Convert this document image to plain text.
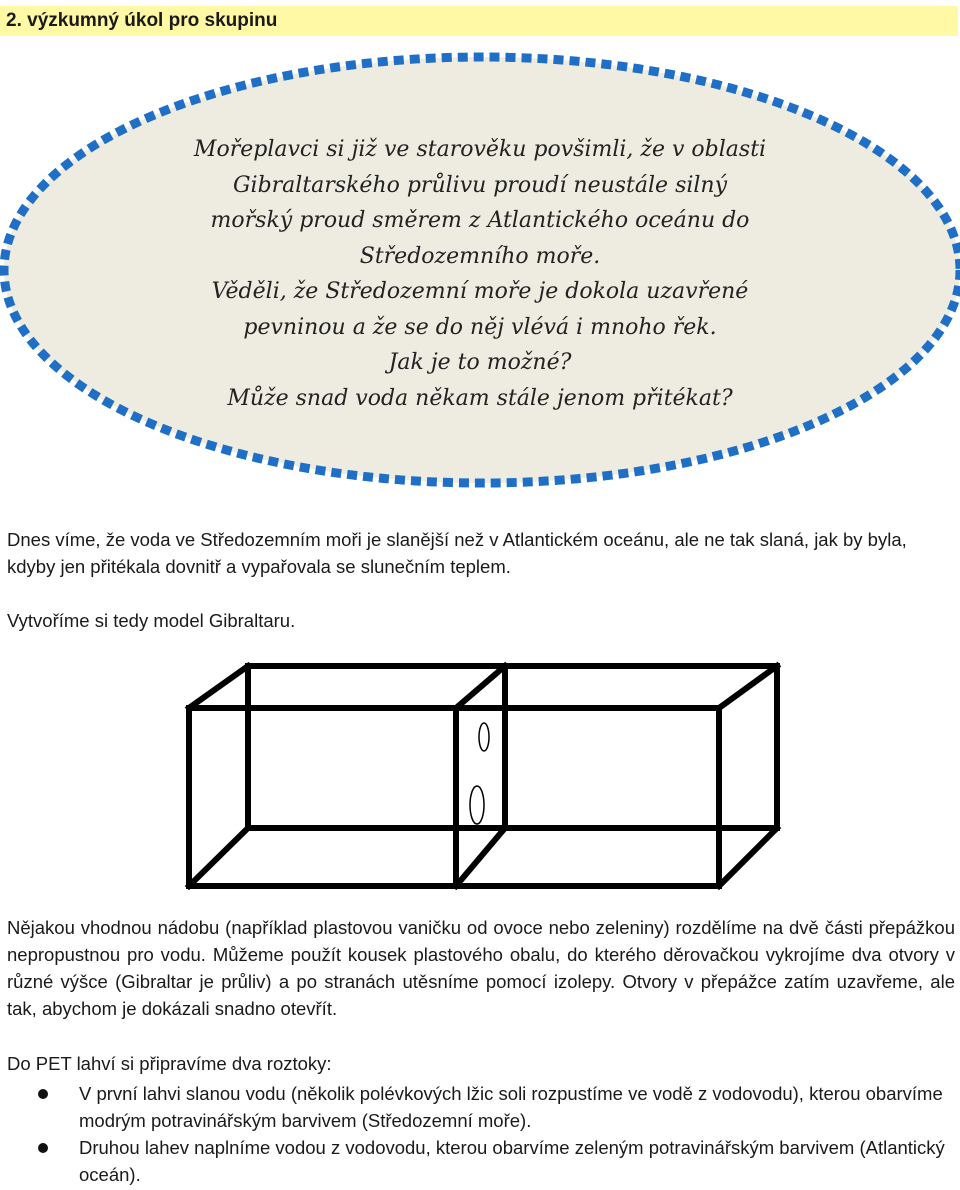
2. výzkumný úkol pro skupinu
Mořeplavci si již ve starověku povšimli, že v oblasti
Gibraltarského průlivu proudí neustále silný
mořský proud směrem z Atlantického oceánu do
Středozemního moře.
Věděli, že Středozemní moře je dokola uzavřené
pevninou a že se do něj vlévá i mnoho řek.
Jak je to možné?
Může snad voda někam stále jenom přitékat?

Dnes víme, že voda ve Středozemním moři je slanější než v Atlantickém oceánu, ale ne tak slaná, jak by byla, kdyby jen přitékala dovnitř a vypařovala se slunečním teplem.

Vytvoříme si tedy model Gibraltaru.

Nějakou vhodnou nádobu (například plastovou vaničku od ovoce nebo zeleniny) rozdělíme na dvě části přepážkou nepropustnou pro vodu. Můžeme použít kousek plastového obalu, do kterého děrovačkou vykrojíme dva otvory v různé výšce (Gibraltar je průliv) a po stranách utěsníme pomocí izolepy. Otvory v přepážce zatím uzavřeme, ale tak, abychom je dokázali snadno otevřít.

Do PET lahví si připravíme dva roztoky:

V první lahvi slanou vodu (několik polévkových lžic soli rozpustíme ve vodě z vodovodu), kterou obarvíme modrým potravinářským barvivem (Středozemní moře).
Druhou lahev naplníme vodou z vodovodu, kterou obarvíme zeleným potravinářským barvivem (Atlantický oceán).
